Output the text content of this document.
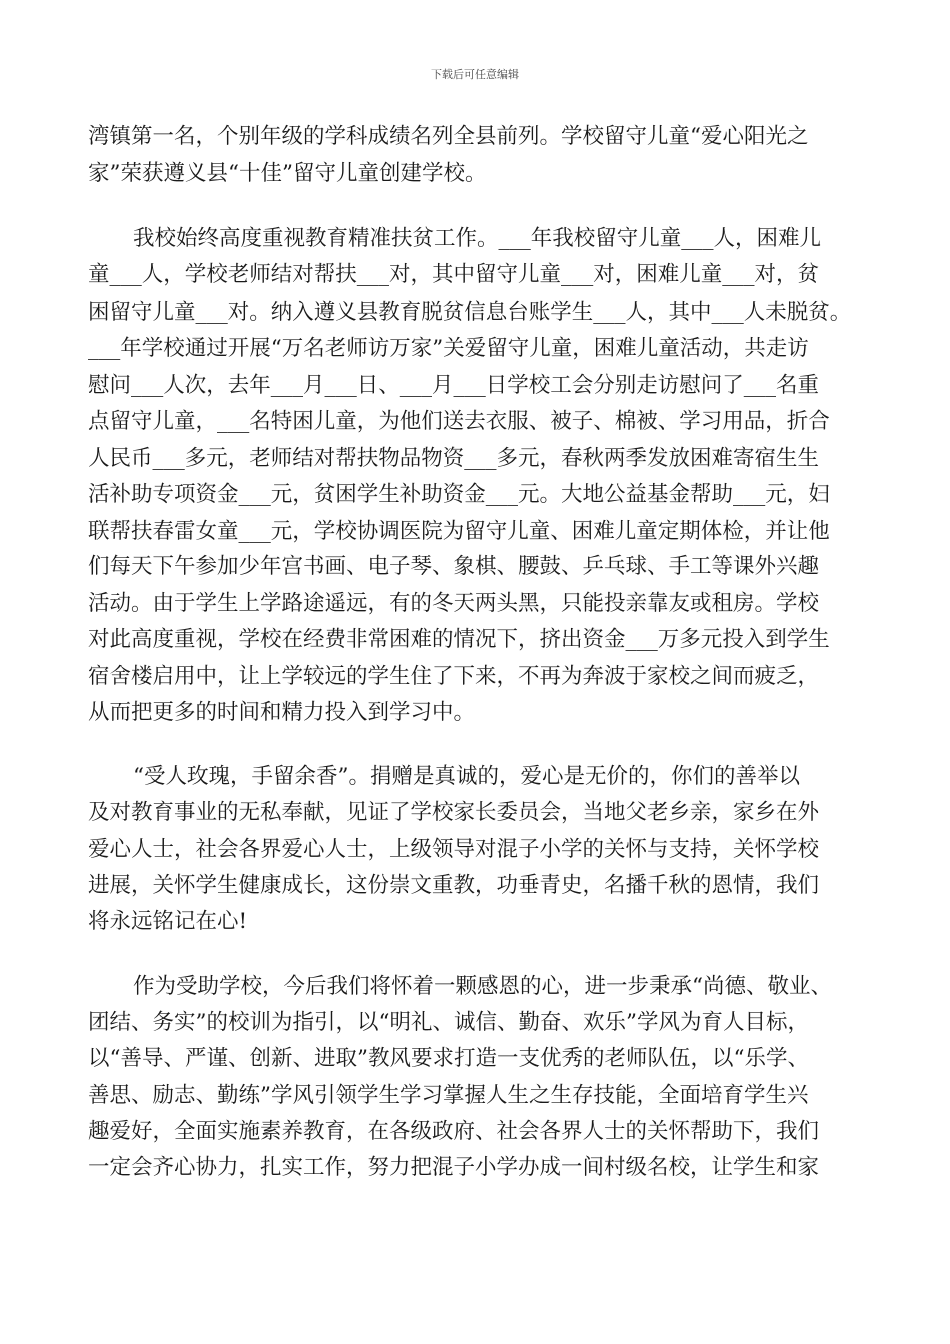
下载后可任意编辑
湾镇第一名，个别年级的学科成绩名列全县前列。学校留守儿童“爱心阳光之
家”荣获遵义县“十佳”留守儿童创建学校。
我校始终高度重视教育精准扶贫工作。___年我校留守儿童___人，困难儿
童___人，学校老师结对帮扶___对，其中留守儿童___对，困难儿童___对，贫
困留守儿童___对。纳入遵义县教育脱贫信息台账学生___人，其中___人未脱贫。
___年学校通过开展“万名老师访万家”关爱留守儿童，困难儿童活动，共走访
慰问___人次，去年___月___日、___月___日学校工会分别走访慰问了___名重
点留守儿童，___名特困儿童，为他们送去衣服、被子、棉被、学习用品，折合
人民币___多元，老师结对帮扶物品物资___多元，春秋两季发放困难寄宿生生
活补助专项资金___元，贫困学生补助资金___元。大地公益基金帮助___元，妇
联帮扶春雷女童___元，学校协调医院为留守儿童、困难儿童定期体检，并让他
们每天下午参加少年宫书画、电子琴、象棋、腰鼓、乒乓球、手工等课外兴趣
活动。由于学生上学路途遥远，有的冬天两头黑，只能投亲靠友或租房。学校
对此高度重视，学校在经费非常困难的情况下，挤出资金___万多元投入到学生
宿舍楼启用中，让上学较远的学生住了下来，不再为奔波于家校之间而疲乏，
从而把更多的时间和精力投入到学习中。
“受人玫瑰，手留余香”。捐赠是真诚的，爱心是无价的，你们的善举以
及对教育事业的无私奉献，见证了学校家长委员会，当地父老乡亲，家乡在外
爱心人士，社会各界爱心人士，上级领导对混子小学的关怀与支持，关怀学校
进展，关怀学生健康成长，这份崇文重教，功垂青史，名播千秋的恩情，我们
将永远铭记在心!
作为受助学校，今后我们将怀着一颗感恩的心，进一步秉承“尚德、敬业、
团结、务实”的校训为指引，以“明礼、诚信、勤奋、欢乐”学风为育人目标，
以“善导、严谨、创新、进取”教风要求打造一支优秀的老师队伍，以“乐学、
善思、励志、勤练”学风引领学生学习掌握人生之生存技能，全面培育学生兴
趣爱好，全面实施素养教育，在各级政府、社会各界人士的关怀帮助下，我们
一定会齐心协力，扎实工作，努力把混子小学办成一间村级名校，让学生和家
